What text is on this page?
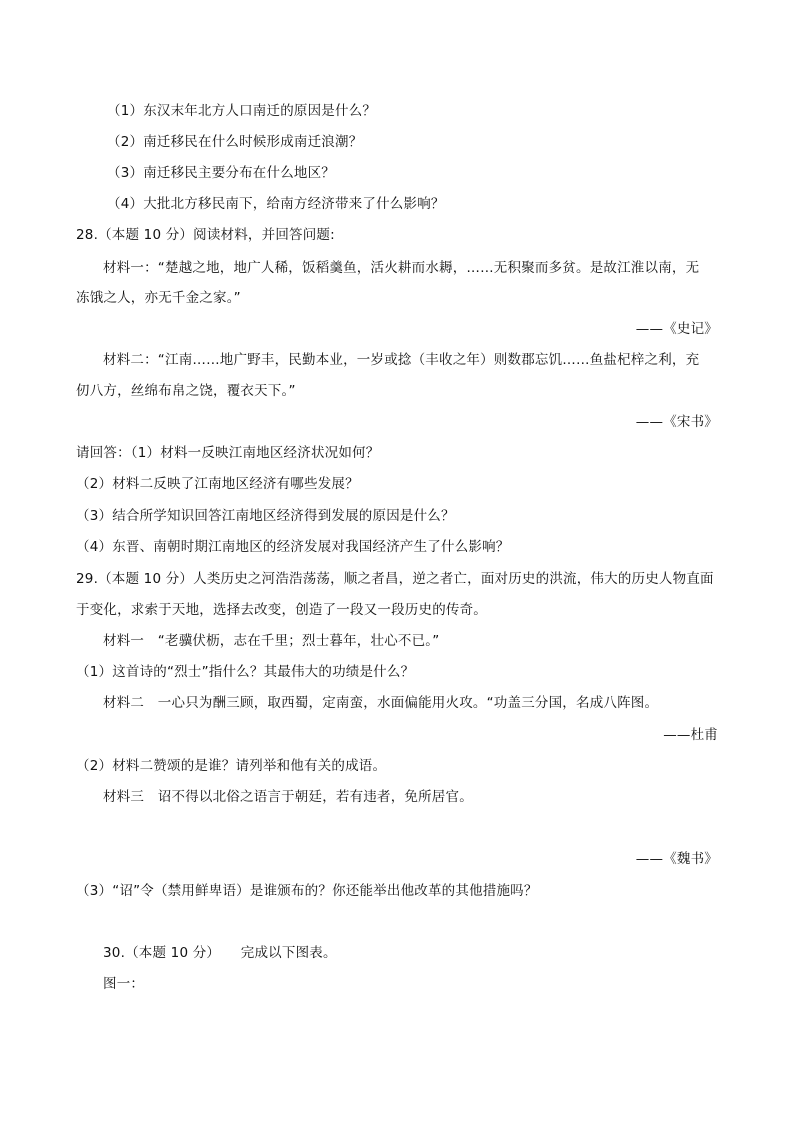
（1）东汉末年北方人口南迁的原因是什么？
（2）南迁移民在什么时候形成南迁浪潮？
（3）南迁移民主要分布在什么地区？
（4）大批北方移民南下，给南方经济带来了什么影响？
28.（本题 10 分）阅读材料，并回答问题:
材料一：“楚越之地，地广人稀，饭稻羹鱼，活火耕而水耨，……无积聚而多贫。是故江淮以南，无
冻饿之人，亦无千金之家。”
——《史记》
材料二：“江南……地广野丰，民勤本业，一岁或捻（丰收之年）则数郡忘饥……鱼盐杞梓之利，充
仞八方，丝绵布帛之饶，覆衣天下。”
——《宋书》
请回答：（1）材料一反映江南地区经济状况如何？
（2）材料二反映了江南地区经济有哪些发展？
（3）结合所学知识回答江南地区经济得到发展的原因是什么？
（4）东晋、南朝时期江南地区的经济发展对我国经济产生了什么影响？
29.（本题 10 分）人类历史之河浩浩荡荡，顺之者昌，逆之者亡，面对历史的洪流，伟大的历史人物直面
于变化，求索于天地，选择去改变，创造了一段又一段历史的传奇。
材料一　“老骥伏枥，志在千里；烈士暮年，壮心不已。”
（1）这首诗的“烈士”指什么？其最伟大的功绩是什么？
材料二　一心只为酬三顾，取西蜀，定南蛮，水面偏能用火攻。“功盖三分国，名成八阵图。
——杜甫
（2）材料二赞颂的是谁？请列举和他有关的成语。
材料三　诏不得以北俗之语言于朝廷，若有违者，免所居官。
——《魏书》
（3）“诏”令（禁用鲜卑语）是谁颁布的？你还能举出他改革的其他措施吗？
30.（本题 10 分）　　完成以下图表。
图一：
